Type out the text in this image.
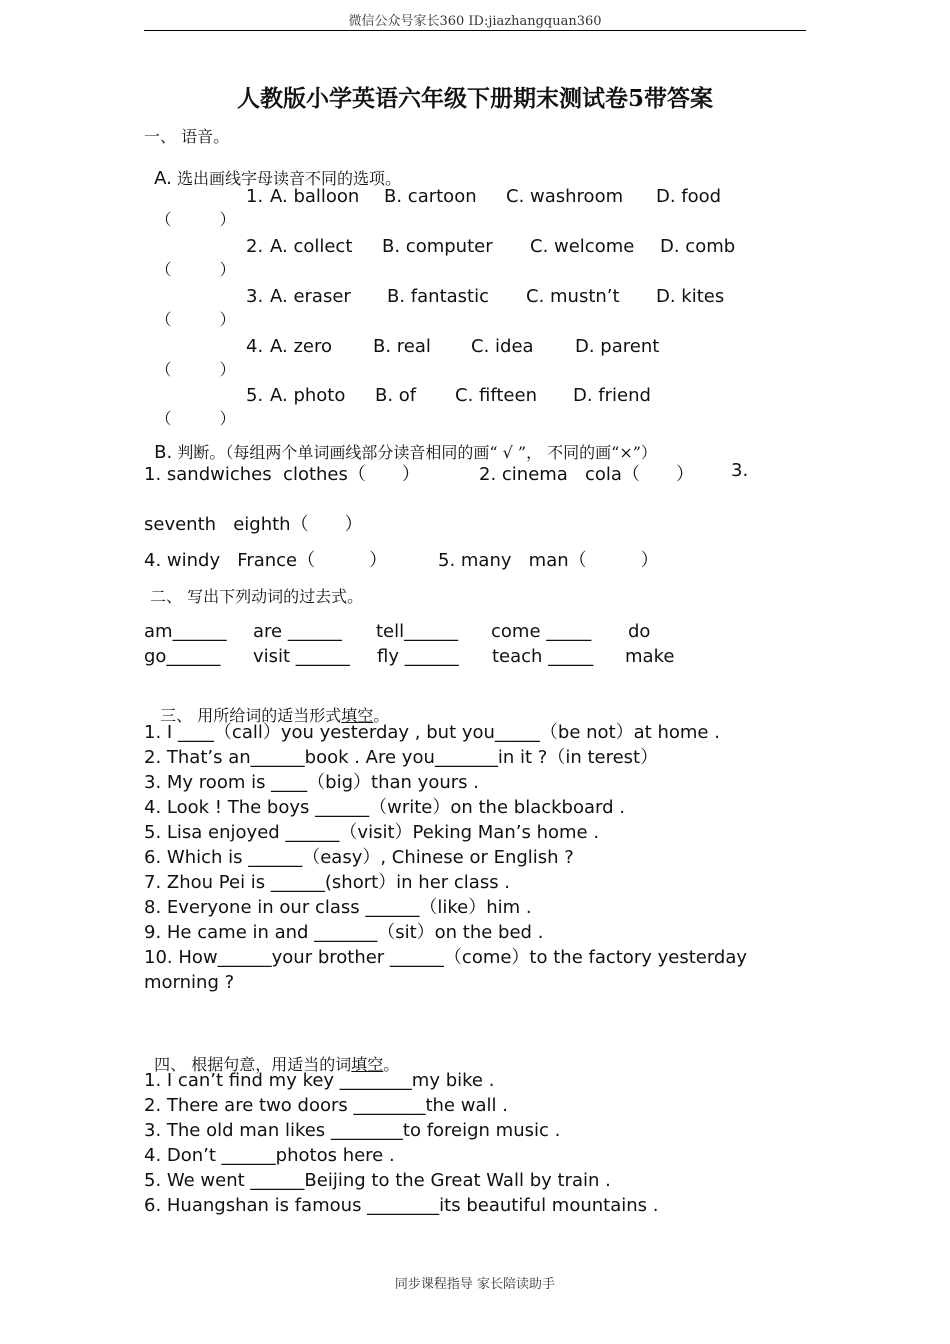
微信公众号家长360 ID:jiazhangquan360
人教版小学英语六年级下册期末测试卷5带答案
一、 语音。

A. 选出画线字母读音不同的选项。

（　　　）

1. A. balloon B. cartoon C. washroom D. food

（　　　）

2. A. collect B. computer C. welcome D. comb

（　　　）

3. A. eraser B. fantastic C. mustn’t D. kites

（　　　）

4. A. zero B. real C. idea D. parent

（　　　）

5. A. photo B. of C. fifteen D. friend

B. 判断。（每组两个单词画线部分读音相同的画“ √ ”， 不同的画“×”）

1. sandwiches  clothes（　　）	2. cinema   cola（　　） 3.
seventh   eighth（　　）
4. windy   France（　　　）	5. many   man（　　　）
二、 写出下列动词的过去式。
am______ are ______ tell______ come _____ do
go______ visit ______ fly ______ teach _____ make

三、 用所给词的适当形式填空。

1. I ____（call）you yesterday , but you_____（be not）at home .
2. That’s an______book . Are you_______in it ?（in terest）
3. My room is ____（big）than yours .
4. Look ! The boys ______（write）on the blackboard .
5. Lisa enjoyed ______（visit）Peking Man’s home .
6. Which is ______（easy）, Chinese or English ?
7. Zhou Pei is ______(short）in her class .
8. Everyone in our class ______（like）him .
9. He came in and _______（sit）on the bed .
10. How______your brother ______（come）to the factory yesterday
morning ?

四、 根据句意，用适当的词填空。

1. I can’t find my key ________my bike .
2. There are two doors ________the wall .
3. The old man likes ________to foreign music .
4. Don’t ______photos here .
5. We went ______Beijing to the Great Wall by train .
6. Huangshan is famous ________its beautiful mountains .
同步课程指导 家长陪读助手
